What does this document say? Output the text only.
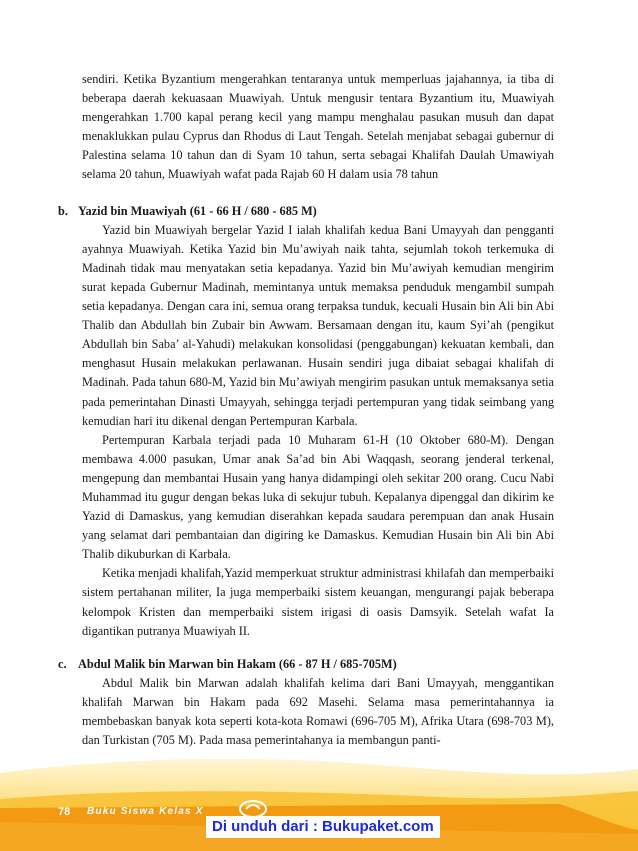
sendiri. Ketika Byzantium mengerahkan tentaranya untuk memperluas jajahannya, ia tiba di beberapa daerah kekuasaan Muawiyah. Untuk mengusir tentara Byzantium itu, Muawiyah mengerahkan 1.700 kapal perang kecil yang mampu menghalau pasukan musuh dan dapat menaklukkan pulau Cyprus dan Rhodus di Laut Tengah. Setelah menjabat sebagai gubernur di Palestina selama 10 tahun dan di Syam 10 tahun, serta sebagai Khalifah Daulah Umawiyah selama 20 tahun, Muawiyah wafat pada Rajab 60 H dalam usia 78 tahun

b. Yazid bin Muawiyah (61 - 66 H / 680 - 685 M)

Yazid bin Muawiyah bergelar Yazid I ialah khalifah kedua Bani Umayyah dan pengganti ayahnya Muawiyah. Ketika Yazid bin Mu’awiyah naik tahta, sejumlah tokoh terkemuka di Madinah tidak mau menyatakan setia kepadanya. Yazid bin Mu’awiyah kemudian mengirim surat kepada Gubernur Madinah, memintanya untuk memaksa penduduk mengambil sumpah setia kepadanya. Dengan cara ini, semua orang terpaksa tunduk, kecuali Husain bin Ali bin Abi Thalib dan Abdullah bin Zubair bin Awwam. Bersamaan dengan itu, kaum Syi’ah (pengikut Abdullah bin Saba’ al-Yahudi) melakukan konsolidasi (penggabungan) kekuatan kembali, dan menghasut Husain melakukan perlawanan. Husain sendiri juga dibaiat sebagai khalifah di Madinah. Pada tahun 680-M, Yazid bin Mu’awiyah mengirim pasukan untuk memaksanya setia pada pemerintahan Dinasti Umayyah, sehingga terjadi pertempuran yang tidak seimbang yang kemudian hari itu dikenal dengan Pertempuran Karbala.

Pertempuran Karbala terjadi pada 10 Muharam 61-H (10 Oktober 680-M). Dengan membawa 4.000 pasukan, Umar anak Sa’ad bin Abi Waqqash, seorang jenderal terkenal, mengepung dan membantai Husain yang hanya didampingi oleh sekitar 200 orang. Cucu Nabi Muhammad itu gugur dengan bekas luka di sekujur tubuh. Kepalanya dipenggal dan dikirim ke Yazid di Damaskus, yang kemudian diserahkan kepada saudara perempuan dan anak Husain yang selamat dari pembantaian dan digiring ke Damaskus. Kemudian Husain bin Ali bin Abi Thalib dikuburkan di Karbala.

Ketika menjadi khalifah,Yazid memperkuat struktur administrasi khilafah dan memperbaiki sistem pertahanan militer, Ia juga memperbaiki sistem keuangan, mengurangi pajak beberapa kelompok Kristen dan memperbaiki sistem irigasi di oasis Damsyik. Setelah wafat Ia digantikan putranya Muawiyah II.

c. Abdul Malik bin Marwan bin Hakam (66 - 87 H / 685-705M)

Abdul Malik bin Marwan adalah khalifah kelima dari Bani Umayyah, menggantikan khalifah Marwan bin Hakam pada 692 Masehi. Selama masa pemerintahannya ia membebaskan banyak kota seperti kota-kota Romawi (696-705 M), Afrika Utara (698-703 M), dan Turkistan (705 M). Pada masa pemerintahanya ia membangun panti-

78 Buku Siswa Kelas X
Di unduh dari : Bukupaket.com
